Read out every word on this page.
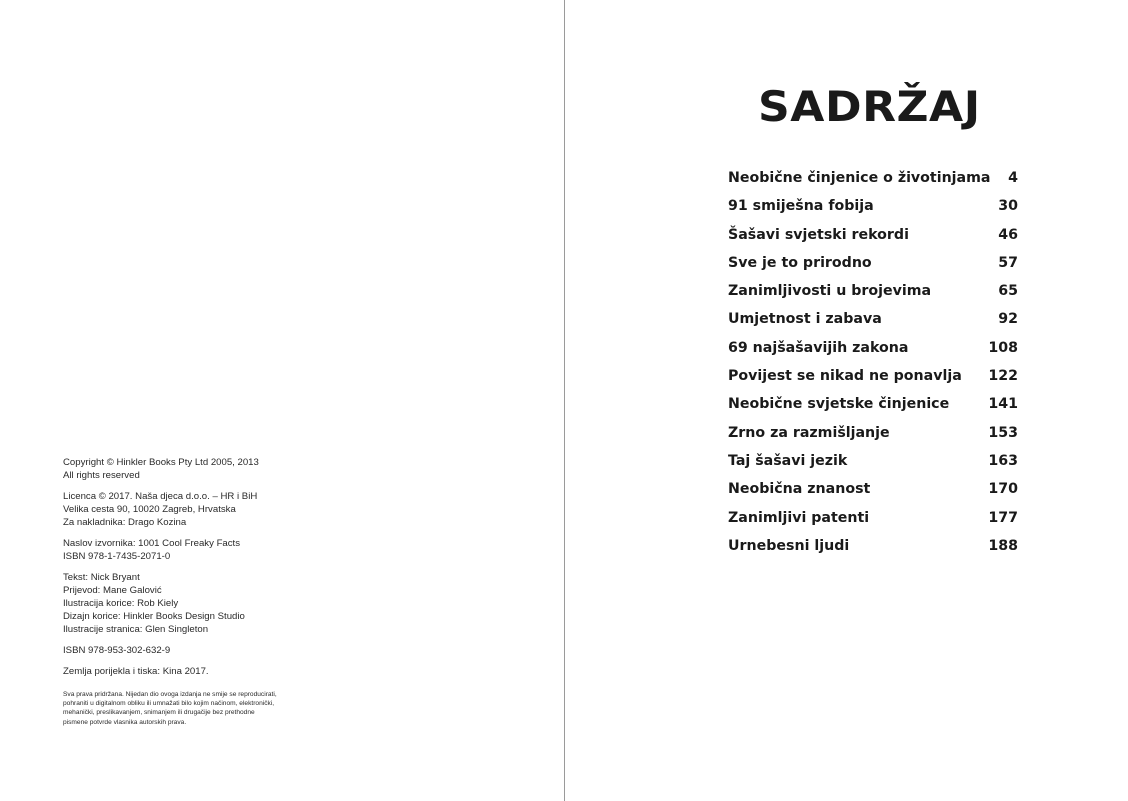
Copyright © Hinkler Books Pty Ltd 2005, 2013
All rights reserved
Licenca © 2017. Naša djeca d.o.o. – HR i BiH
Velika cesta 90, 10020 Zagreb, Hrvatska
Za nakladnika: Drago Kozina
Naslov izvornika: 1001 Cool Freaky Facts
ISBN 978-1-7435-2071-0
Tekst: Nick Bryant
Prijevod: Mane Galović
Ilustracija korice: Rob Kiely
Dizajn korice: Hinkler Books Design Studio
Ilustracije stranica: Glen Singleton
ISBN 978-953-302-632-9
Zemlja porijekla i tiska: Kina 2017.
Sva prava pridržana. Nijedan dio ovoga izdanja ne smije se reproducirati,
pohraniti u digitalnom obliku ili umnažati bilo kojim načinom, elektronički,
mehanički, preslikavanjem, snimanjem ili drugačije bez prethodne
pismene potvrde vlasnika autorskih prava.
SADRŽAJ
Neobične činjenice o životinjama 4
91 smiješna fobija	30
Šašavi svjetski rekordi	46
Sve je to prirodno	57
Zanimljivosti u brojevima	65
Umjetnost i zabava	92
69 najšašavijih zakona	108
Povijest se nikad ne ponavlja 122
Neobične svjetske činjenice	141
Zrno za razmišljanje	153
Taj šašavi jezik	163
Neobična znanost	170
Zanimljivi patenti	177
Urnebesni ljudi	188
